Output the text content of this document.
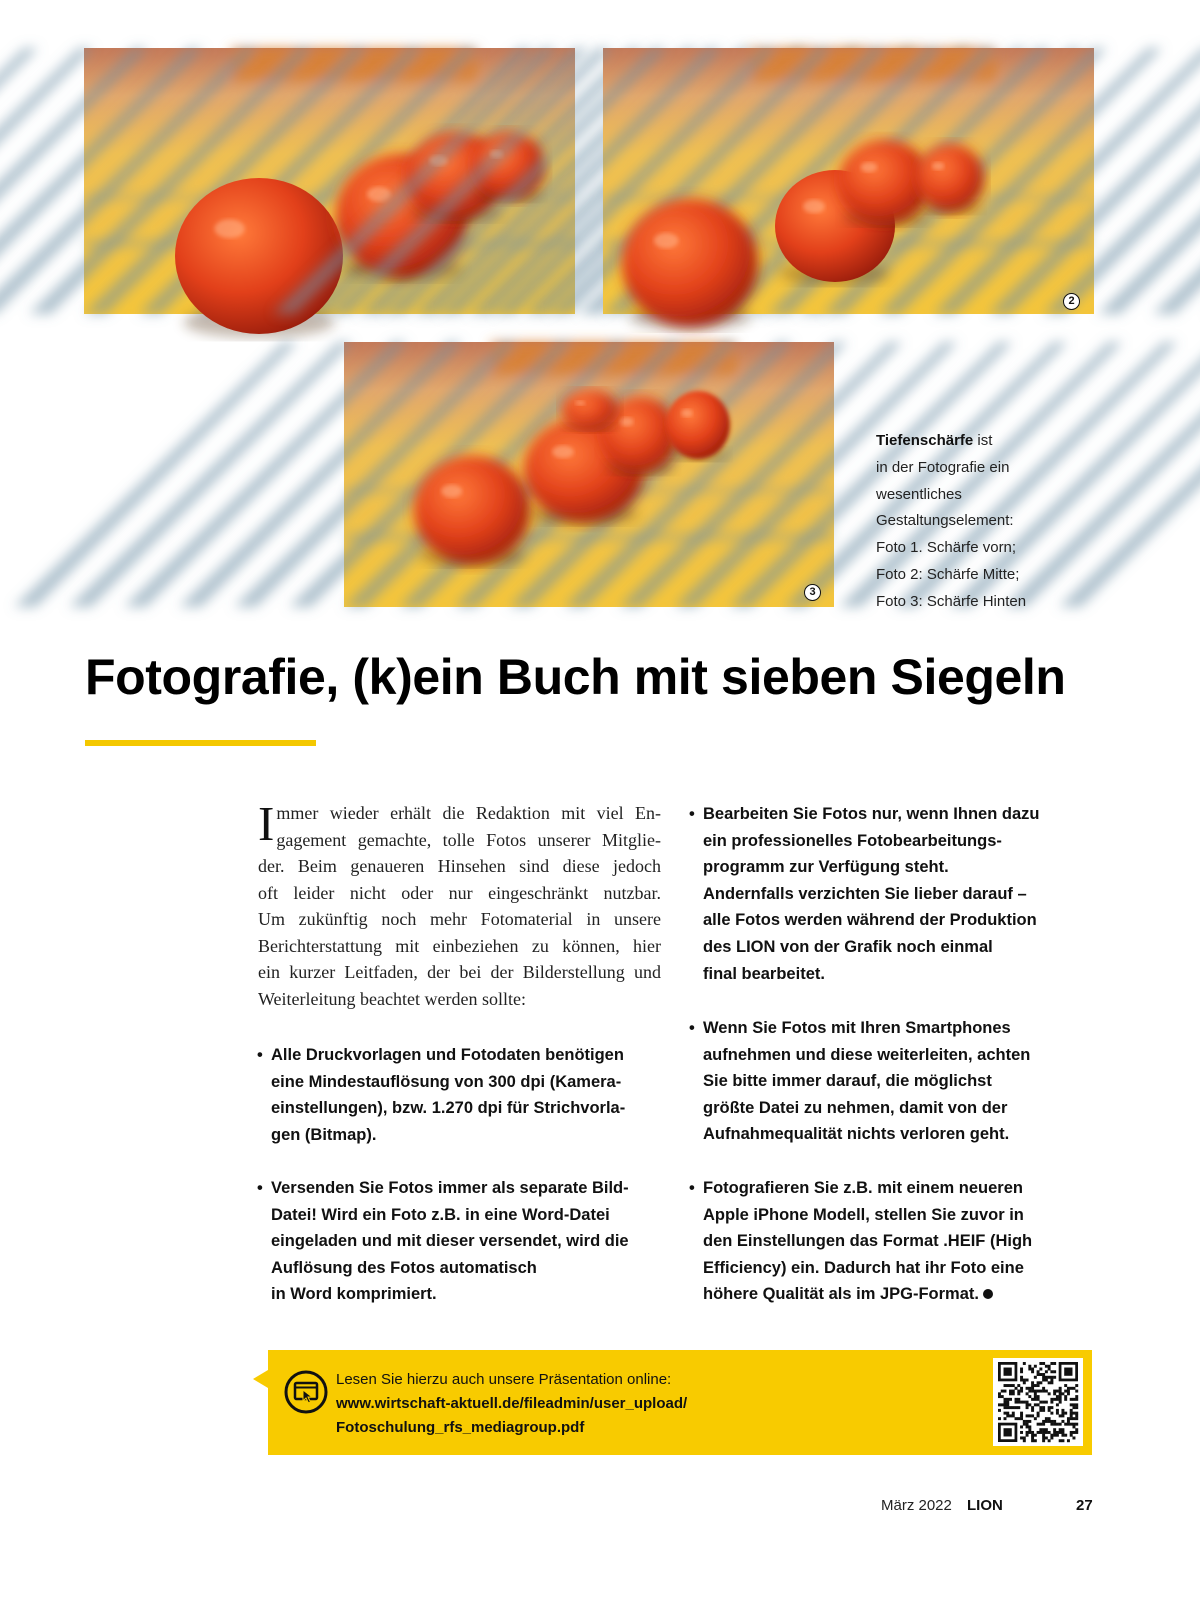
2
3
Tiefenschärfe ist
in der Fotografie ein
wesentliches
Gestaltungselement:
Foto 1. Schärfe vorn;
Foto 2: Schärfe Mitte;
Foto 3: Schärfe Hinten
Fotografie, (k)ein Buch mit sieben Siegeln
I mmer wieder erhält die Redaktion mit viel En-
gagement gemachte, tolle Fotos unserer Mitglie-
der. Beim genaueren Hinsehen sind diese jedoch
oft leider nicht oder nur eingeschränkt nutzbar.
Um zukünftig noch mehr Fotomaterial in unsere
Berichterstattung mit einbeziehen zu können, hier
ein kurzer Leitfaden, der bei der Bilderstellung und
Weiterleitung beachtet werden sollte:
• Alle Druckvorlagen und Fotodaten benötigen
eine Mindestauflösung von 300 dpi (Kamera-
einstellungen), bzw. 1.270 dpi für Strichvorla-
gen (Bitmap).
• Versenden Sie Fotos immer als separate Bild-
Datei! Wird ein Foto z.B. in eine Word-Datei
eingeladen und mit dieser versendet, wird die
Auflösung des Fotos automatisch
in Word komprimiert.
• Bearbeiten Sie Fotos nur, wenn Ihnen dazu
ein professionelles Fotobearbeitungs-
programm zur Verfügung steht.
Andernfalls verzichten Sie lieber darauf –
alle Fotos werden während der Produktion
des LION von der Grafik noch einmal
final bearbeitet.
• Wenn Sie Fotos mit Ihren Smartphones
aufnehmen und diese weiterleiten, achten
Sie bitte immer darauf, die möglichst
größte Datei zu nehmen, damit von der
Aufnahmequalität nichts verloren geht.
• Fotografieren Sie z.B. mit einem neueren
Apple iPhone Modell, stellen Sie zuvor in
den Einstellungen das Format .HEIF (High
Efficiency) ein. Dadurch hat ihr Foto eine
höhere Qualität als im JPG-Format.
Lesen Sie hierzu auch unsere Präsentation online:
www.wirtschaft-aktuell.de/fileadmin/user_upload/
Fotoschulung_rfs_mediagroup.pdf
März 2022 LION	27
